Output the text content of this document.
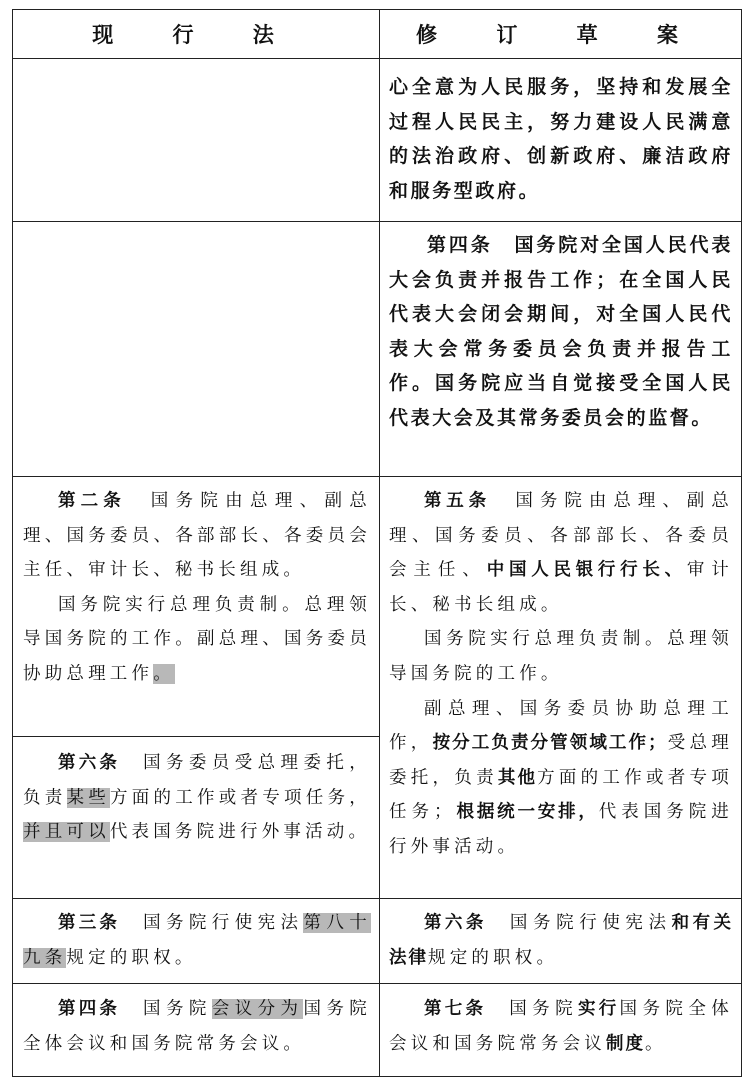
现 行 法	修 订 草 案

心全意为人民服务，坚持和发展全过程人民民主，努力建设人民满意的法治政府、创新政府、廉洁政府和服务型政府。

第四条　国务院对全国人民代表大会负责并报告工作；在全国人民代表大会闭会期间，对全国人民代表大会常务委员会负责并报告工作。国务院应当自觉接受全国人民代表大会及其常务委员会的监督。

第二条　国务院由总理、副总理、国务委员、各部部长、各委员会主任、审计长、秘书长组成。

国务院实行总理负责制。总理领导国务院的工作。副总理、国务委员协助总理工作。

第六条　国务委员受总理委托，负责某些方面的工作或者专项任务，并且可以代表国务院进行外事活动。

第五条　国务院由总理、副总理、国务委员、各部部长、各委员会主任、中国人民银行行长、审计长、秘书长组成。

国务院实行总理负责制。总理领导国务院的工作。

副总理、国务委员协助总理工作，按分工负责分管领域工作；受总理委托，负责其他方面的工作或者专项任务；根据统一安排，代表国务院进行外事活动。

第三条　国务院行使宪法第八十九条规定的职权。

第六条　国务院行使宪法和有关法律规定的职权。

第四条　国务院会议分为国务院全体会议和国务院常务会议。

第七条　国务院实行国务院全体会议和国务院常务会议制度。
